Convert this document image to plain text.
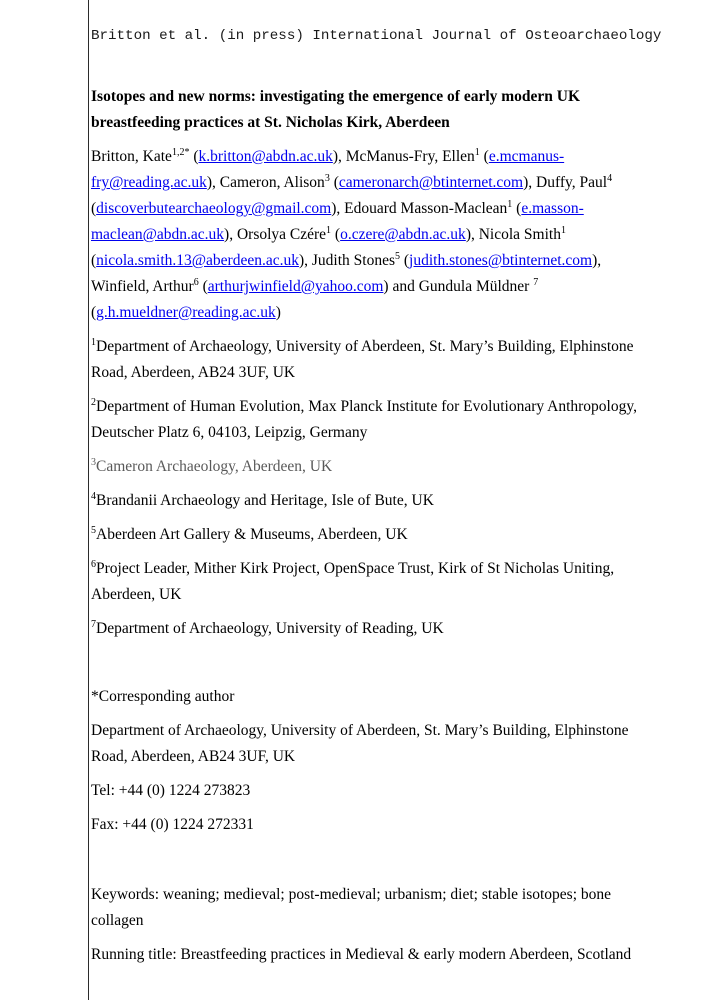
Britton et al. (in press) International Journal of Osteoarchaeology

Isotopes and new norms: investigating the emergence of early modern UK breastfeeding practices at St. Nicholas Kirk, Aberdeen

Britton, Kate$^{1,2*}$ (k.britton@abdn.ac.uk), McManus-Fry, Ellen$^1$ (e.mcmanus-fry@reading.ac.uk), Cameron, Alison$^3$ (cameronarch@btinternet.com), Duffy, Paul$^4$ (discoverbutearchaeology@gmail.com), Edouard Masson-Maclean$^1$ (e.masson-maclean@abdn.ac.uk), Orsolya Czére$^1$ (o.czere@abdn.ac.uk), Nicola Smith$^1$ (nicola.smith.13@aberdeen.ac.uk), Judith Stones$^5$ (judith.stones@btinternet.com), Winfield, Arthur$^6$ (arthurjwinfield@yahoo.com) and Gundula Müldner $^7$ (g.h.mueldner@reading.ac.uk)

$^1$Department of Archaeology, University of Aberdeen, St. Mary’s Building, Elphinstone Road, Aberdeen, AB24 3UF, UK

$^2$Department of Human Evolution, Max Planck Institute for Evolutionary Anthropology, Deutscher Platz 6, 04103, Leipzig, Germany

$^3$Cameron Archaeology, Aberdeen, UK

$^4$Brandanii Archaeology and Heritage, Isle of Bute, UK

$^5$Aberdeen Art Gallery & Museums, Aberdeen, UK

$^6$Project Leader, Mither Kirk Project, OpenSpace Trust, Kirk of St Nicholas Uniting, Aberdeen, UK

$^7$Department of Archaeology, University of Reading, UK

*Corresponding author

Department of Archaeology, University of Aberdeen, St. Mary’s Building, Elphinstone Road, Aberdeen, AB24 3UF, UK

Tel: +44 (0) 1224 273823

Fax: +44 (0) 1224 272331

Keywords: weaning; medieval; post-medieval; urbanism; diet; stable isotopes; bone collagen

Running title: Breastfeeding practices in Medieval & early modern Aberdeen, Scotland
